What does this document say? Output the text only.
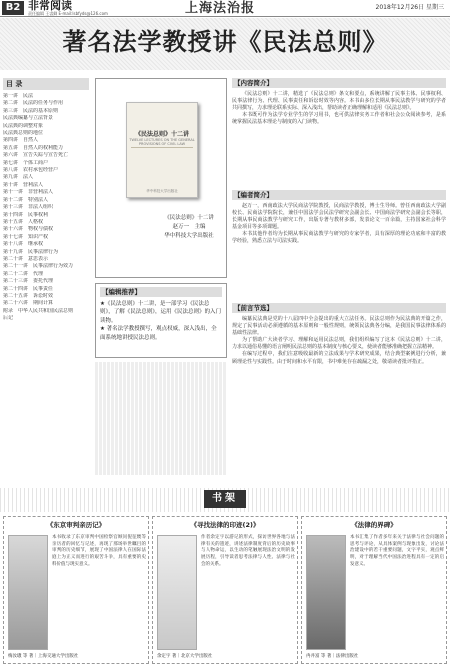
B2 非常阅读
责任编辑 王睿卿 E-mail:lsbfyds@126.com	上海法治报	2018年12月26日 星期三
著名法学教授讲《民法总则》
目 录

第一讲　民法

第二讲　民法的任务与作用

第三讲　民法的基本原则

民法典编纂与立法背景

民法典的调整对象

民法典总则的地位

第四讲　自然人

第五讲　自然人的权利能力

第六讲　宣告失踪与宣告死亡

第七讲　个体工商户

第八讲　农村承包经营户

第九讲　法人

第十讲　营利法人

第十一讲　非营利法人

第十二讲　特别法人

第十三讲　非法人组织

第十四讲　民事权利

第十五讲　人格权

第十六讲　物权与债权

第十七讲　知识产权

第十八讲　继承权

第十九讲　民事法律行为

第二十讲　意思表示

第二十一讲　民事法律行为效力

第二十二讲　代理

第二十三讲　委托代理

第二十四讲　民事责任

第二十五讲　诉讼时效

第二十六讲　期间计算

附录　中华人民共和国民法总则

后记

《民法总则》十二讲
TWELVE LECTURES ON THE GENERAL PROVISIONS OF CIVIL LAW
华中科技大学出版社
《民法总则》十二讲
赵万一　主编
华中科技大学出版社
【编辑推荐】

★《民法总则》十二讲，是一部学习《民法总则》，了解《民法总则》，运用《民法总则》的入门读物。

★ 著名法学教授撰写，观点权威，深入浅出，全面系统地讲授民法总则。

【内容简介】

《民法总则》十二讲，精选了《民法总则》条文和要点，系统讲解了民事主体、民事权利、民事法律行为、代理、民事责任和诉讼时效等内容。本书由多位长期从事民法教学与研究的学者共同撰写，力求理论联系实际、深入浅出，帮助读者正确理解和适用《民法总则》。

本书既可作为法学专业学生的学习用书，也可供法律实务工作者和社会公众阅读参考，是系统掌握民法基本理论与制度的入门读物。

【编者简介】

赵万一，西南政法大学民商法学院教授，民商法学教授，博士生导师。曾任西南政法大学副校长、民商法学院院长，兼任中国法学会民法学研究会副会长、中国商法学研究会副会长等职，长期从事民商法教学与研究工作，出版专著与教材多部，发表论文一百余篇，主持国家社会科学基金项目等多项课题。

本书其他作者均为长期从事民商法教学与研究的专家学者，具有深厚的理论功底和丰富的教学经验，熟悉立法与司法实践。

【前言节选】

编纂民法典是党的十八届四中全会提出的重大立法任务。民法总则作为民法典的开篇之作，规定了民事活动必须遵循的基本原则和一般性规则，统领民法典各分编，是我国民事法律体系的基础性法律。

为了帮助广大读者学习、理解和运用民法总则，我们组织编写了这本《民法总则》十二讲，力求以通俗易懂的语言阐明民法总则的基本制度与核心要义，使读者能够准确把握立法精神。

在编写过程中，我们注意吸收最新的立法成果与学术研究成果，结合典型案例进行分析，兼顾理论性与实践性。由于时间和水平有限，书中难免存在疏漏之处，敬请读者批评指正。

书架
《东京审判亲历记》
本书收录了东京审判中国检察官顾问倪征燠等亲历者的回忆与记述，再现了那场举世瞩目的审判的历史细节，展现了中国法律人在国际法庭上为正义而进行的艰苦斗争，具有重要的史料价值与现实意义。
梅汝璈 等 著｜上海交通大学出版社
《寻找法律的印迹(2)》
作者余定宇以游记的形式，探访世界各地与法律有关的遗迹，讲述法律制度背后的历史故事与人物命运，以生动的笔触展现法治文明的发展历程，引导读者思考法律与人性、法律与社会的关系。
余定宇 著｜北京大学出版社
《法律的界碑》
本书汇集了作者多年来关于法律与社会问题的思考与评论，从具体案例与现象出发，讨论法治建设中的若干重要问题，文字平实，观点鲜明，对于理解当代中国法治进程具有一定的启发意义。
冉井富 等 著｜法律出版社
